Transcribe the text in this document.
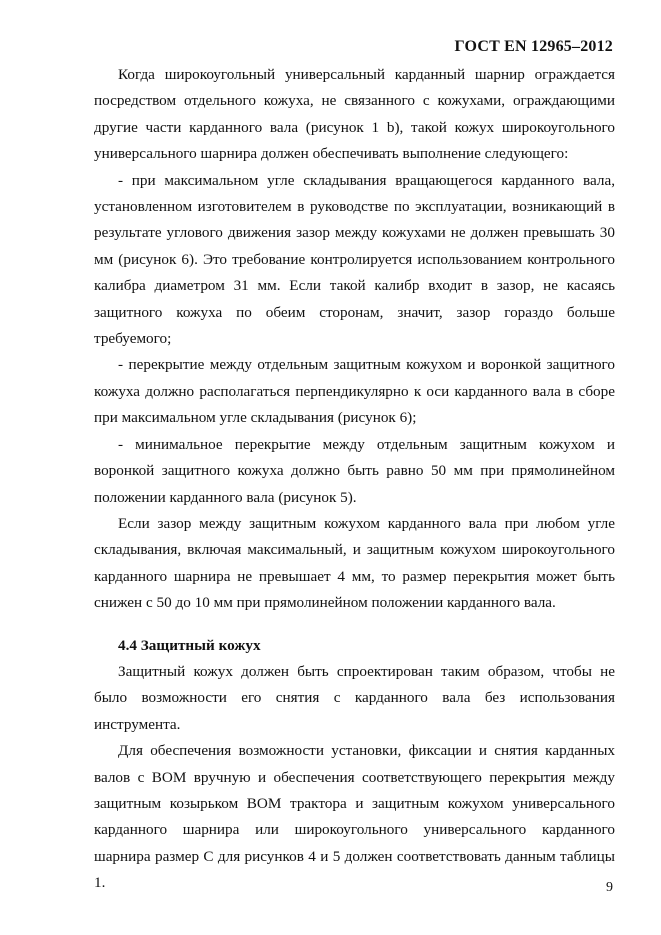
ГОСТ EN 12965–2012

Когда широкоугольный универсальный карданный шарнир ограждается посредством отдельного кожуха, не связанного с кожухами, ограждающими другие части карданного вала (рисунок 1 b), такой кожух широкоугольного универсального шарнира должен обеспечивать выполнение следующего:

- при максимальном угле складывания вращающегося карданного вала, установленном изготовителем в руководстве по эксплуатации, возникающий в результате углового движения зазор между кожухами не должен превышать 30 мм (рисунок 6). Это требование контролируется использованием контрольного калибра диаметром 31 мм. Если такой калибр входит в зазор, не касаясь защитного кожуха по обеим сторонам, значит, зазор гораздо больше требуемого;

- перекрытие между отдельным защитным кожухом и воронкой защитного кожуха должно располагаться перпендикулярно к оси карданного вала в сборе при максимальном угле складывания (рисунок 6);

- минимальное перекрытие между отдельным защитным кожухом и воронкой защитного кожуха должно быть равно 50 мм при прямолинейном положении карданного вала (рисунок 5).

Если зазор между защитным кожухом карданного вала при любом угле складывания, включая максимальный, и защитным кожухом широкоугольного карданного шарнира не превышает 4 мм, то размер перекрытия может быть снижен с 50 до 10 мм при прямолинейном положении карданного вала.

4.4 Защитный кожух

Защитный кожух должен быть спроектирован таким образом, чтобы не было возможности его снятия с карданного вала без использования инструмента.

Для обеспечения возможности установки, фиксации и снятия карданных валов с ВОМ вручную и обеспечения соответствующего перекрытия между защитным козырьком ВОМ трактора и защитным кожухом универсального карданного шарнира или широкоугольного универсального карданного шарнира размер С для рисунков 4 и 5 должен соответствовать данным таблицы 1.	9
